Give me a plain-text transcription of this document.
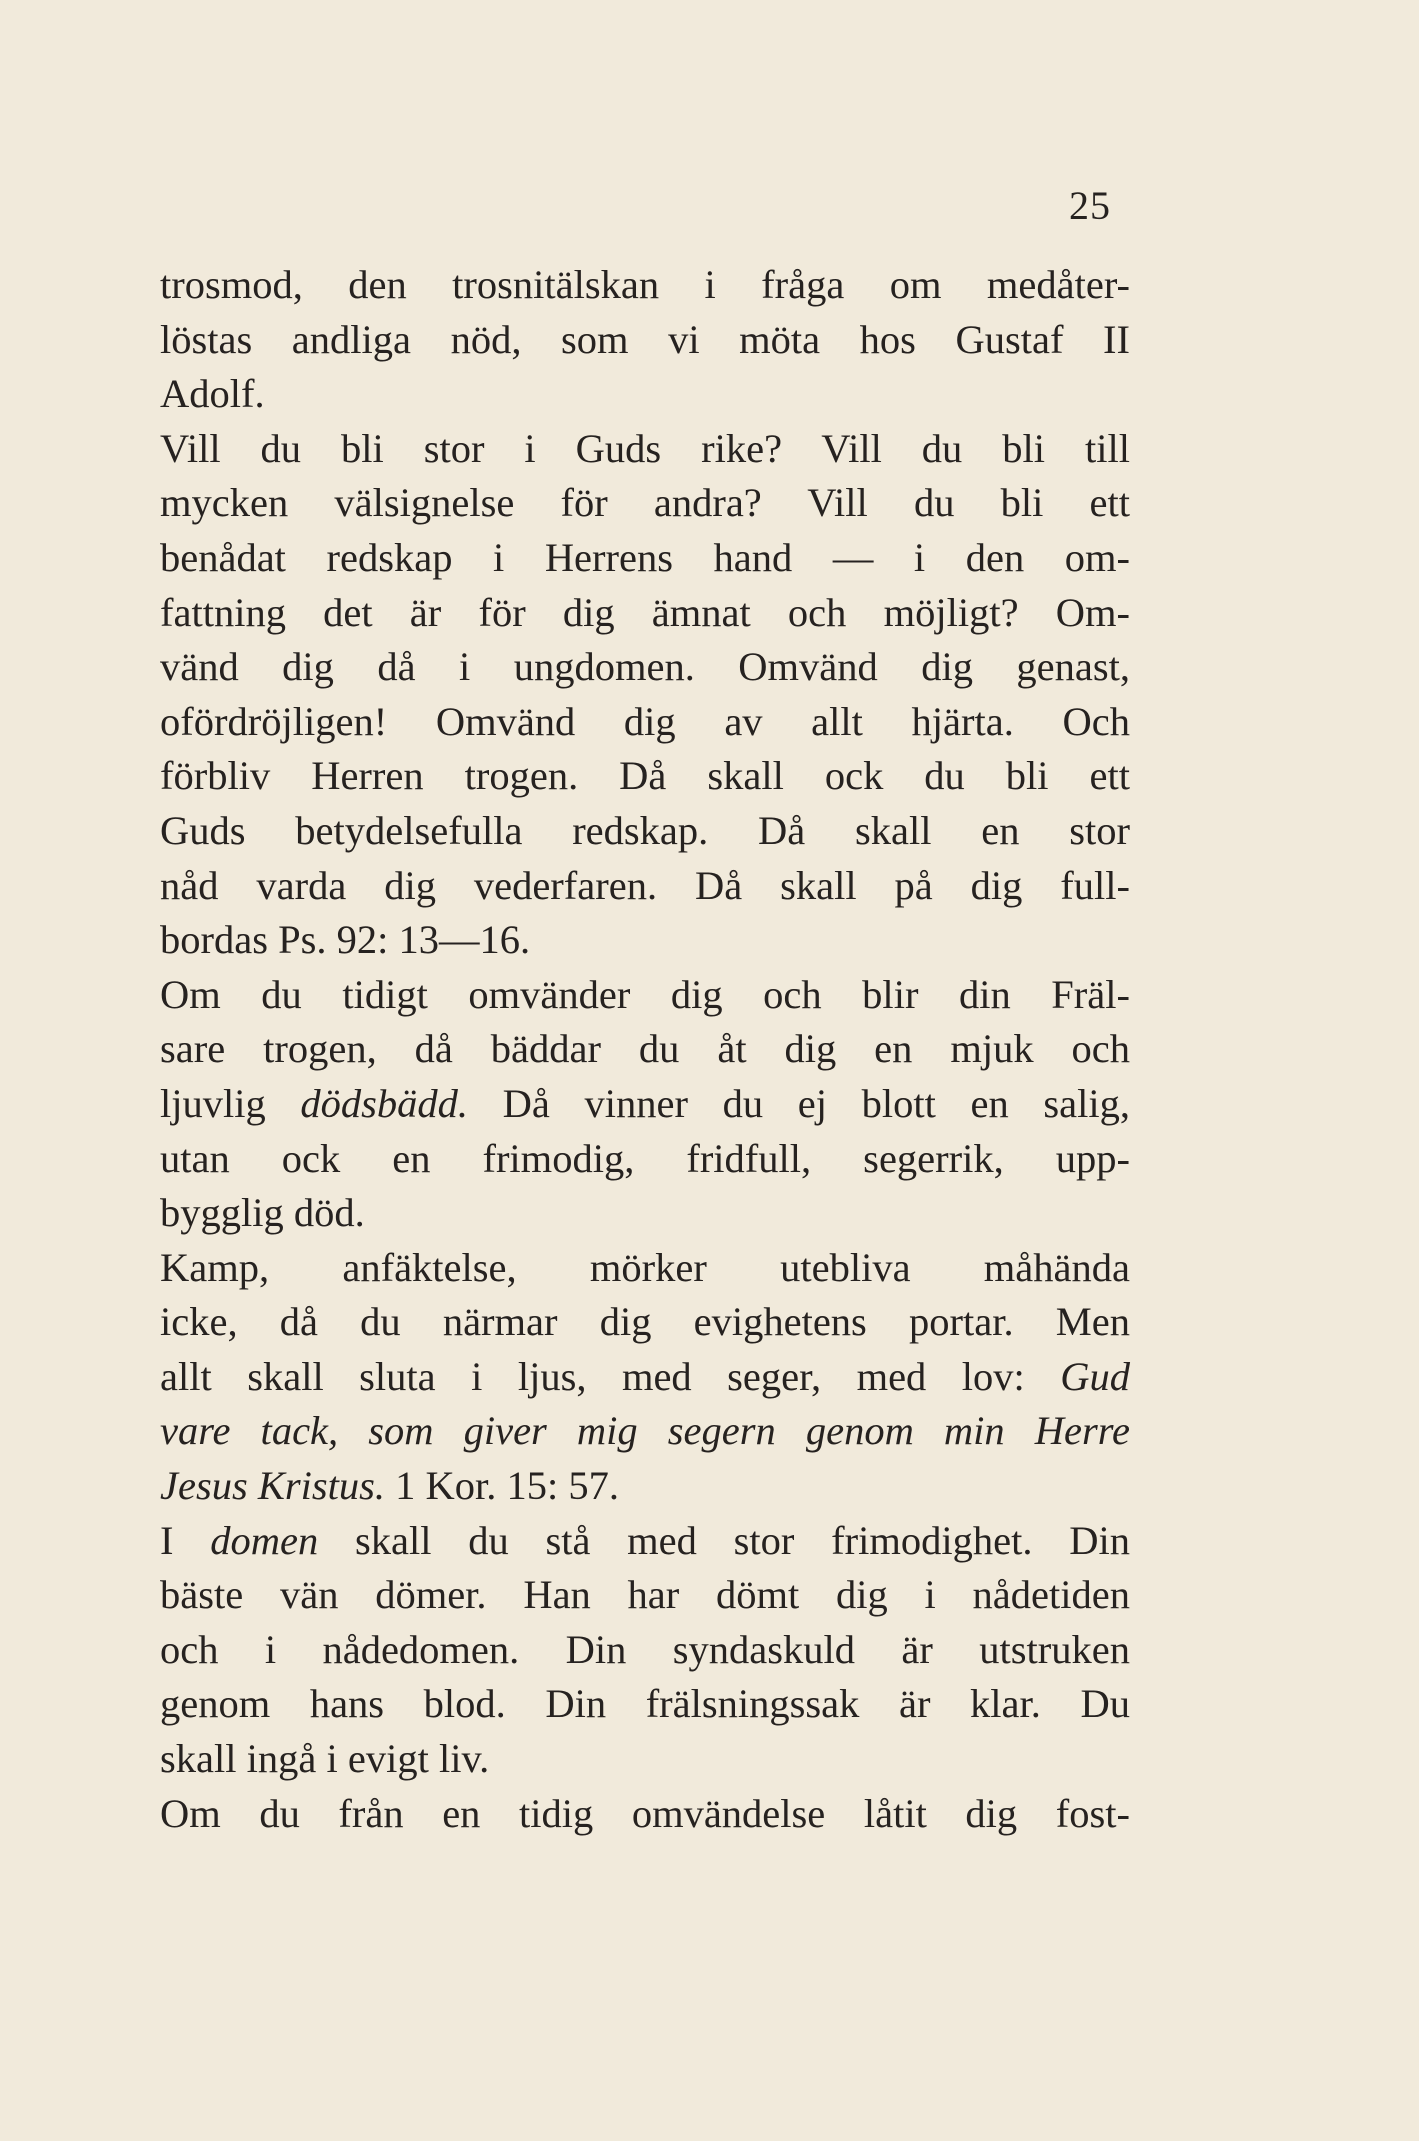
25

trosmod, den trosnitälskan i fråga om medåter-
löstas andliga nöd, som vi möta hos Gustaf II
Adolf.

Vill du bli stor i Guds rike? Vill du bli till
mycken välsignelse för andra? Vill du bli ett
benådat redskap i Herrens hand — i den om-
fattning det är för dig ämnat och möjligt? Om-
vänd dig då i ungdomen. Omvänd dig genast,
ofördröjligen! Omvänd dig av allt hjärta. Och
förbliv Herren trogen. Då skall ock du bli ett
Guds betydelsefulla redskap. Då skall en stor
nåd varda dig vederfaren. Då skall på dig full-
bordas Ps. 92: 13—16.

Om du tidigt omvänder dig och blir din Fräl-
sare trogen, då bäddar du åt dig en mjuk och
ljuvlig dödsbädd. Då vinner du ej blott en salig,
utan ock en frimodig, fridfull, segerrik, upp-
bygglig död.

Kamp, anfäktelse, mörker utebliva måhända
icke, då du närmar dig evighetens portar. Men
allt skall sluta i ljus, med seger, med lov: Gud
vare tack, som giver mig segern genom min Herre
Jesus Kristus. 1 Kor. 15: 57.

I domen skall du stå med stor frimodighet. Din
bäste vän dömer. Han har dömt dig i nådetiden
och i nådedomen. Din syndaskuld är utstruken
genom hans blod. Din frälsningssak är klar. Du
skall ingå i evigt liv.

Om du från en tidig omvändelse låtit dig fost-
